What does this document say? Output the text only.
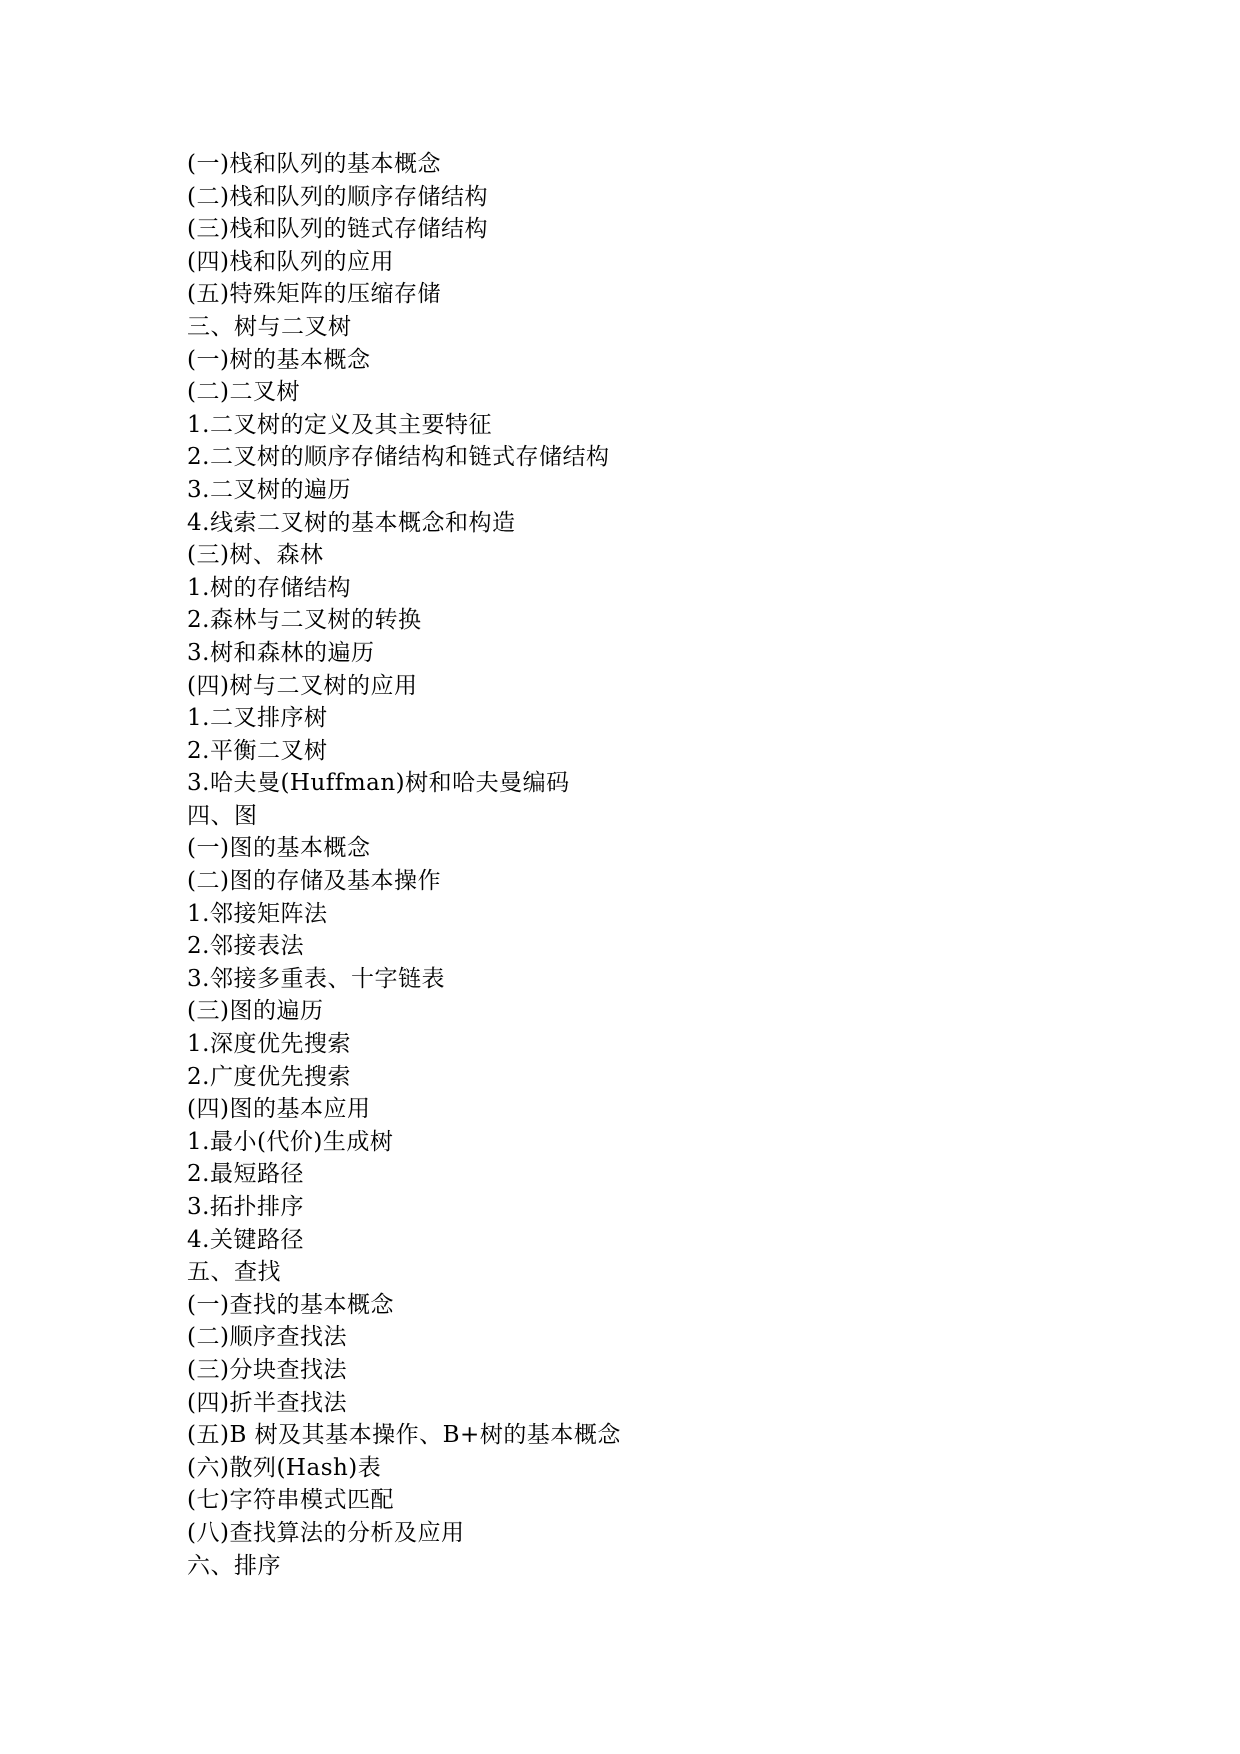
(一)栈和队列的基本概念
(二)栈和队列的顺序存储结构
(三)栈和队列的链式存储结构
(四)栈和队列的应用
(五)特殊矩阵的压缩存储
三、树与二叉树
(一)树的基本概念
(二)二叉树
1.二叉树的定义及其主要特征
2.二叉树的顺序存储结构和链式存储结构
3.二叉树的遍历
4.线索二叉树的基本概念和构造
(三)树、森林
1.树的存储结构
2.森林与二叉树的转换
3.树和森林的遍历
(四)树与二叉树的应用
1.二叉排序树
2.平衡二叉树
3.哈夫曼(Huffman)树和哈夫曼编码
四、图
(一)图的基本概念
(二)图的存储及基本操作
1.邻接矩阵法
2.邻接表法
3.邻接多重表、十字链表
(三)图的遍历
1.深度优先搜索
2.广度优先搜索
(四)图的基本应用
1.最小(代价)生成树
2.最短路径
3.拓扑排序
4.关键路径
五、查找
(一)查找的基本概念
(二)顺序查找法
(三)分块查找法
(四)折半查找法
(五)B 树及其基本操作、B+树的基本概念
(六)散列(Hash)表
(七)字符串模式匹配
(八)查找算法的分析及应用
六、排序
